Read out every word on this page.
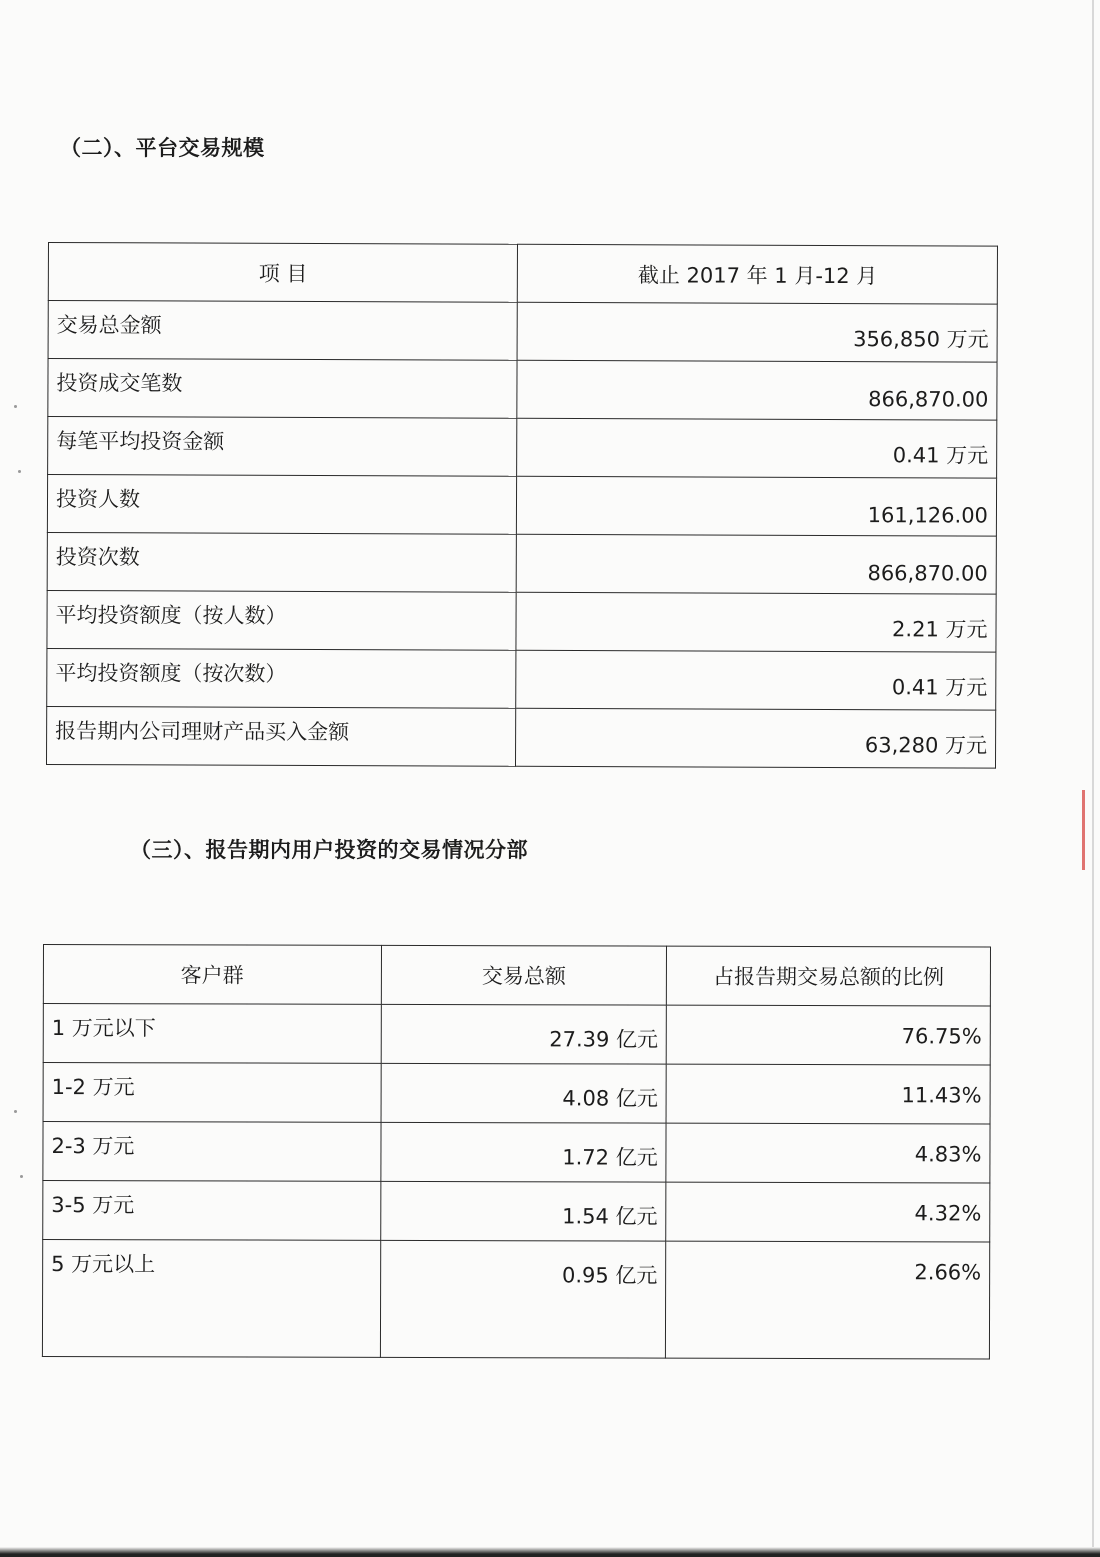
（二）、平台交易规模
项 目	截止 2017 年 1 月-12 月
交易总金额	356,850 万元
投资成交笔数	866,870.00
每笔平均投资金额	0.41 万元
投资人数	161,126.00
投资次数	866,870.00
平均投资额度（按人数）	2.21 万元
平均投资额度（按次数）	0.41 万元
报告期内公司理财产品买入金额	63,280 万元
（三）、报告期内用户投资的交易情况分部
客户群	交易总额	占报告期交易总额的比例
1 万元以下	27.39 亿元	76.75%
1-2 万元	4.08 亿元	11.43%
2-3 万元	1.72 亿元	4.83%
3-5 万元	1.54 亿元	4.32%
5 万元以上	0.95 亿元	2.66%
